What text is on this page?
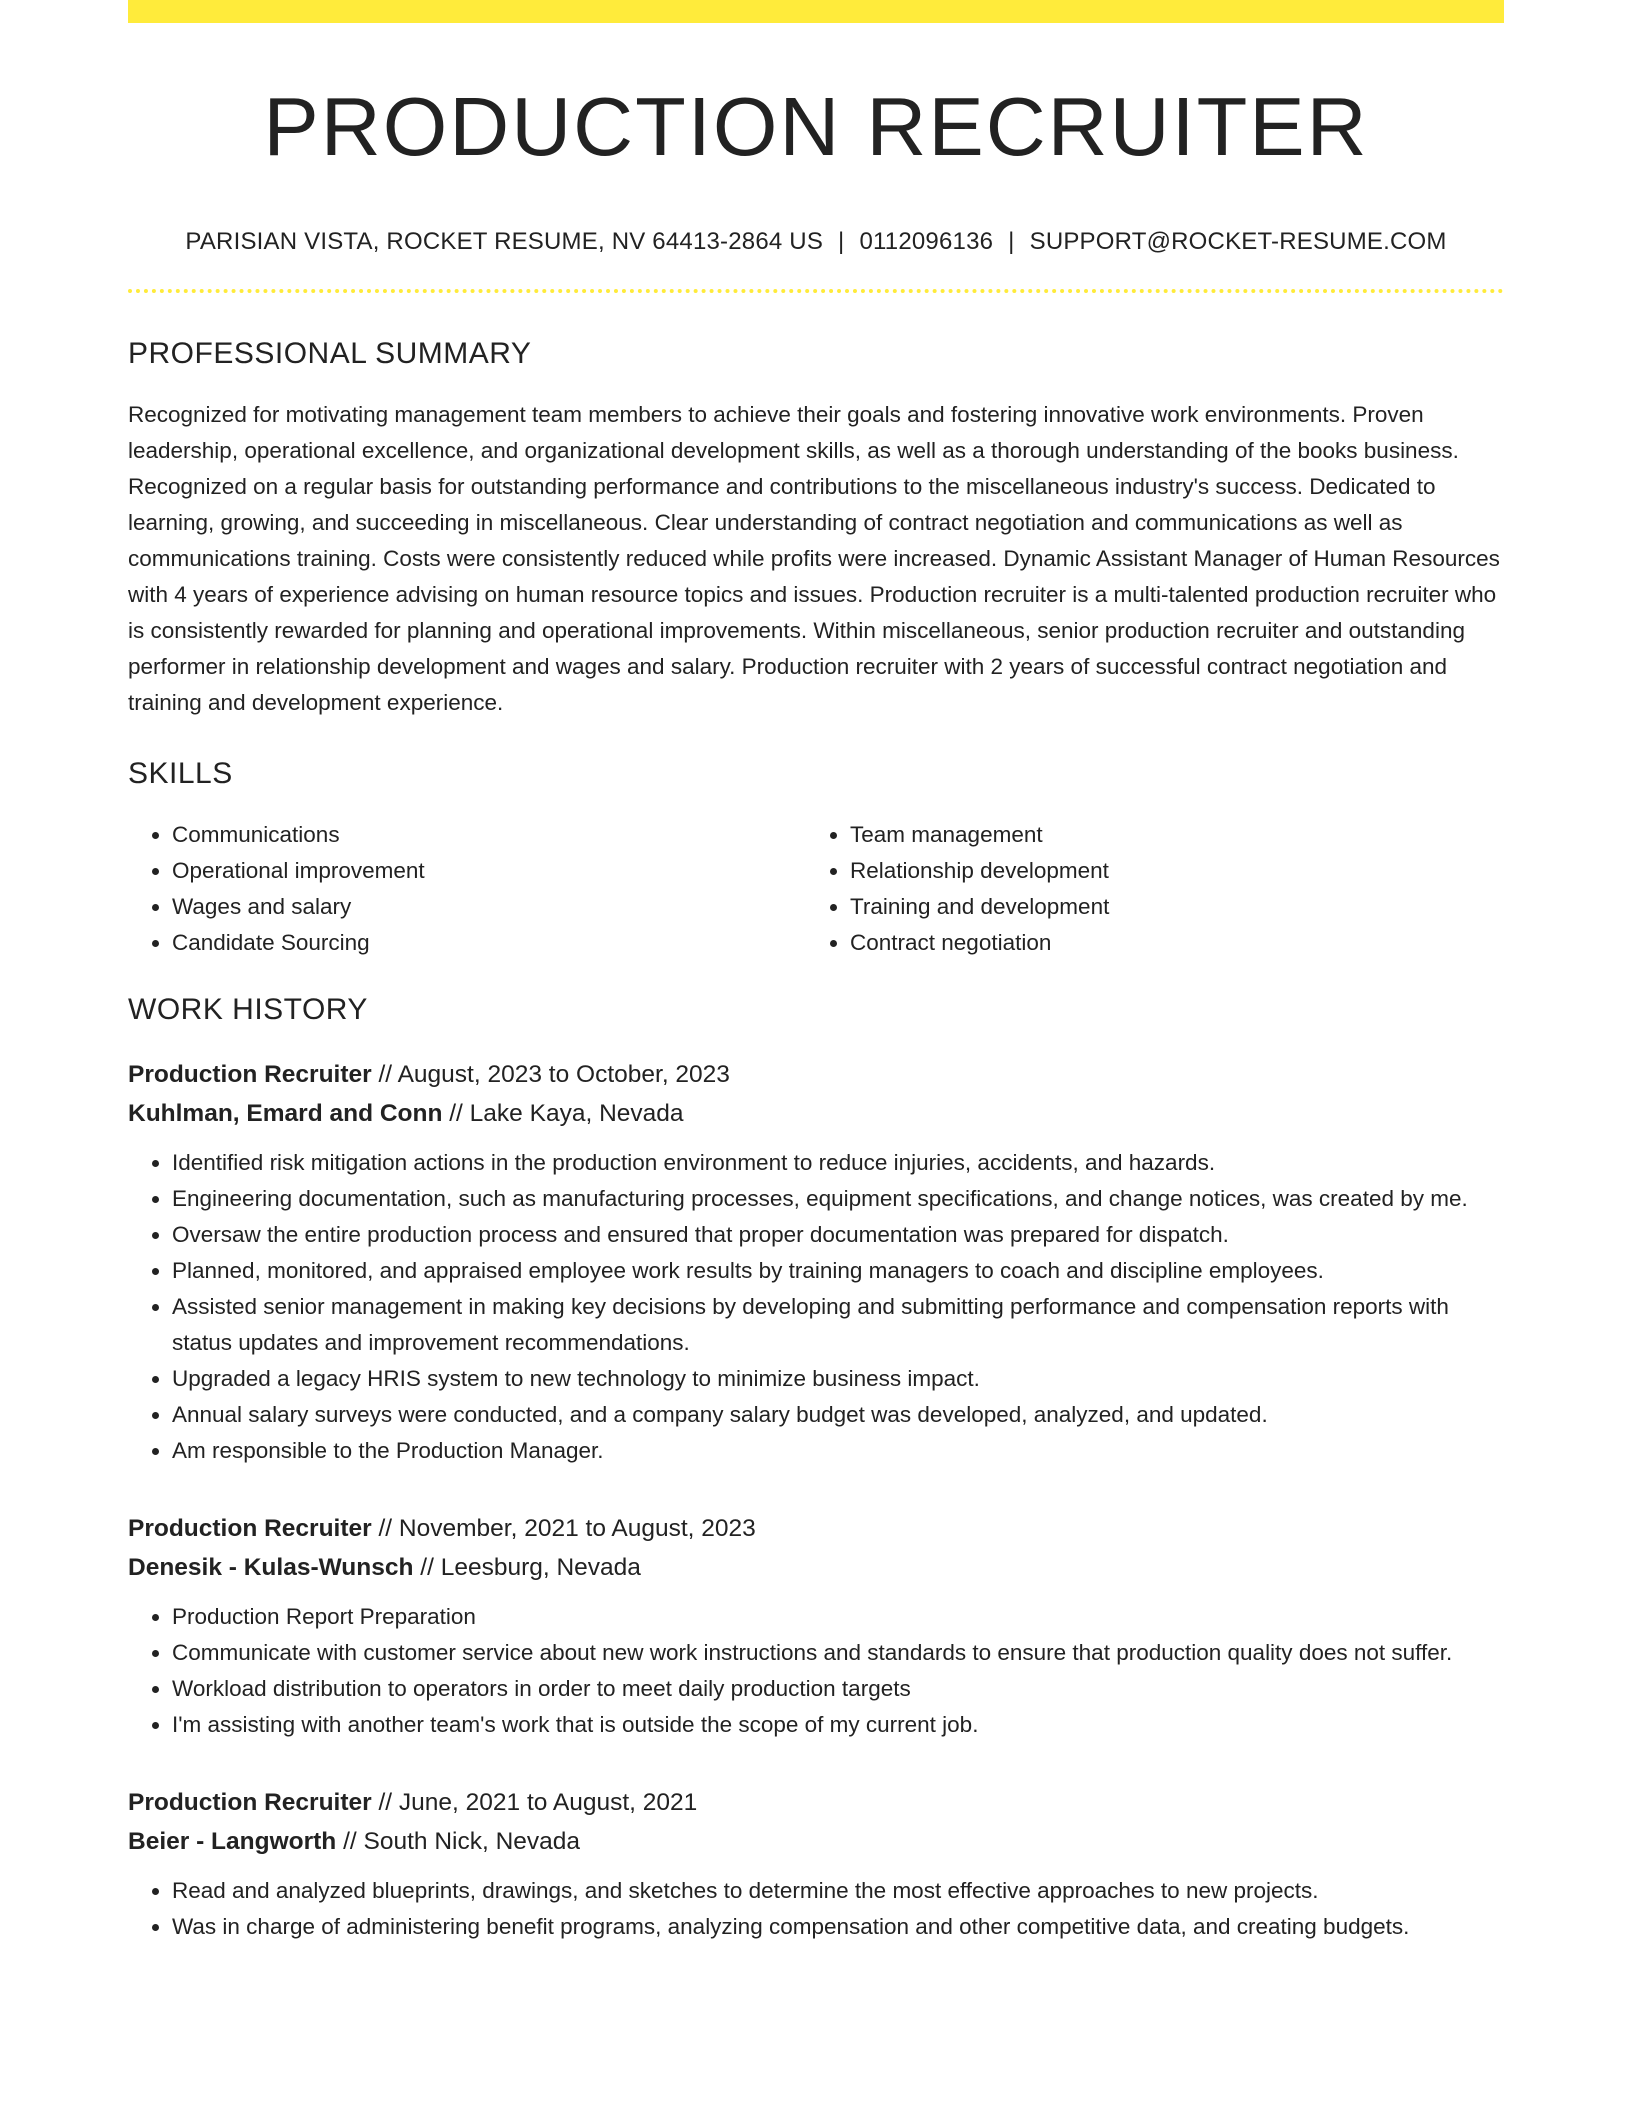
PRODUCTION RECRUITER
PARISIAN VISTA, ROCKET RESUME, NV 64413-2864 US | 0112096136 | SUPPORT@ROCKET-RESUME.COM
PROFESSIONAL SUMMARY
Recognized for motivating management team members to achieve their goals and fostering innovative work environments. Proven leadership, operational excellence, and organizational development skills, as well as a thorough understanding of the books business. Recognized on a regular basis for outstanding performance and contributions to the miscellaneous industry's success. Dedicated to learning, growing, and succeeding in miscellaneous. Clear understanding of contract negotiation and communications as well as communications training. Costs were consistently reduced while profits were increased. Dynamic Assistant Manager of Human Resources with 4 years of experience advising on human resource topics and issues. Production recruiter is a multi-talented production recruiter who is consistently rewarded for planning and operational improvements. Within miscellaneous, senior production recruiter and outstanding performer in relationship development and wages and salary. Production recruiter with 2 years of successful contract negotiation and training and development experience.
SKILLS
• Communications
• Operational improvement
• Wages and salary
• Candidate Sourcing
• Team management
• Relationship development
• Training and development
• Contract negotiation
WORK HISTORY
Production Recruiter // August, 2023 to October, 2023
Kuhlman, Emard and Conn // Lake Kaya, Nevada
• Identified risk mitigation actions in the production environment to reduce injuries, accidents, and hazards.
• Engineering documentation, such as manufacturing processes, equipment specifications, and change notices, was created by me.
• Oversaw the entire production process and ensured that proper documentation was prepared for dispatch.
• Planned, monitored, and appraised employee work results by training managers to coach and discipline employees.
• Assisted senior management in making key decisions by developing and submitting performance and compensation reports with status updates and improvement recommendations.
• Upgraded a legacy HRIS system to new technology to minimize business impact.
• Annual salary surveys were conducted, and a company salary budget was developed, analyzed, and updated.
• Am responsible to the Production Manager.
Production Recruiter // November, 2021 to August, 2023
Denesik - Kulas-Wunsch // Leesburg, Nevada
• Production Report Preparation
• Communicate with customer service about new work instructions and standards to ensure that production quality does not suffer.
• Workload distribution to operators in order to meet daily production targets
• I'm assisting with another team's work that is outside the scope of my current job.
Production Recruiter // June, 2021 to August, 2021
Beier - Langworth // South Nick, Nevada
• Read and analyzed blueprints, drawings, and sketches to determine the most effective approaches to new projects.
• Was in charge of administering benefit programs, analyzing compensation and other competitive data, and creating budgets.
